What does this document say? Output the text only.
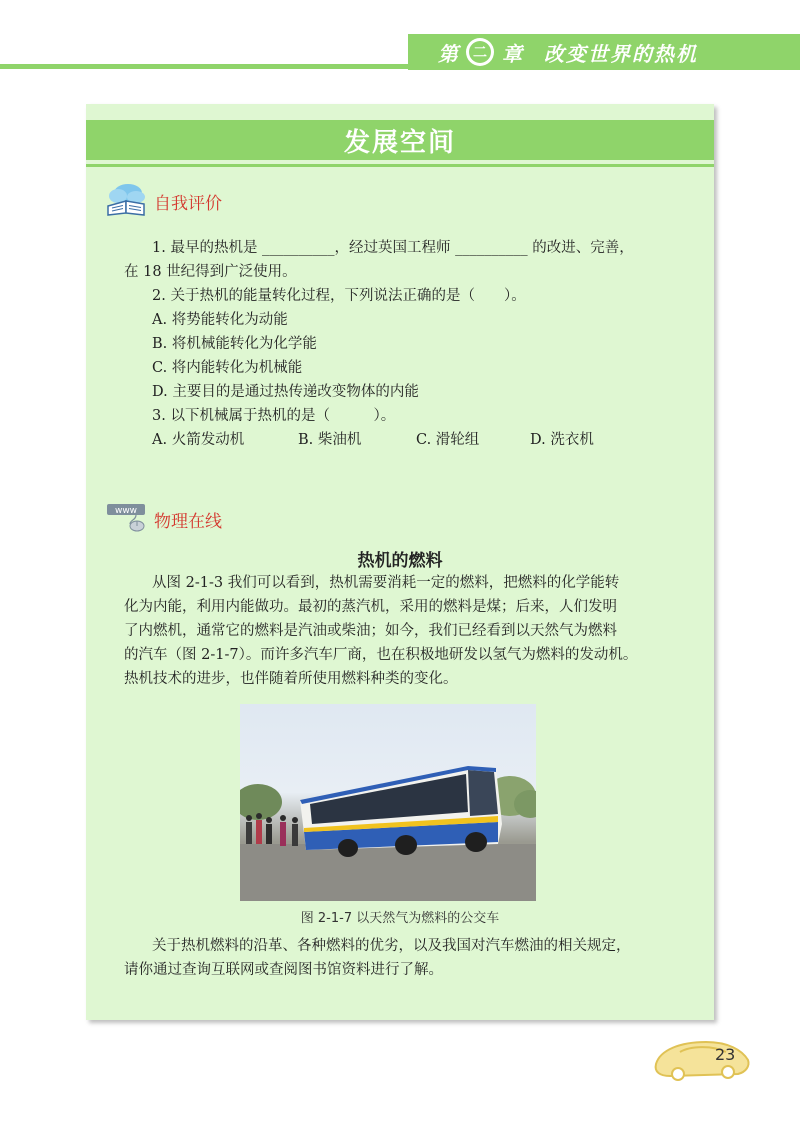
第 二 章 改变世界的热机
发展空间
自我评价
1. 最早的热机是 __________，经过英国工程师 __________ 的改进、完善，
在 18 世纪得到广泛使用。
2. 关于热机的能量转化过程，下列说法正确的是（　　）。
A. 将势能转化为动能
B. 将机械能转化为化学能
C. 将内能转化为机械能
D. 主要目的是通过热传递改变物体的内能
3. 以下机械属于热机的是（　　　）。
A. 火箭发动机	B. 柴油机	C. 滑轮组	D. 洗衣机
www
物理在线
热机的燃料
从图 2-1-3 我们可以看到，热机需要消耗一定的燃料，把燃料的化学能转
化为内能，利用内能做功。最初的蒸汽机，采用的燃料是煤；后来，人们发明
了内燃机，通常它的燃料是汽油或柴油；如今，我们已经看到以天然气为燃料
的汽车（图 2-1-7）。而许多汽车厂商，也在积极地研发以氢气为燃料的发动机。
热机技术的进步，也伴随着所使用燃料种类的变化。
图 2-1-7 以天然气为燃料的公交车
关于热机燃料的沿革、各种燃料的优劣，以及我国对汽车燃油的相关规定，
请你通过查询互联网或查阅图书馆资料进行了解。
23
